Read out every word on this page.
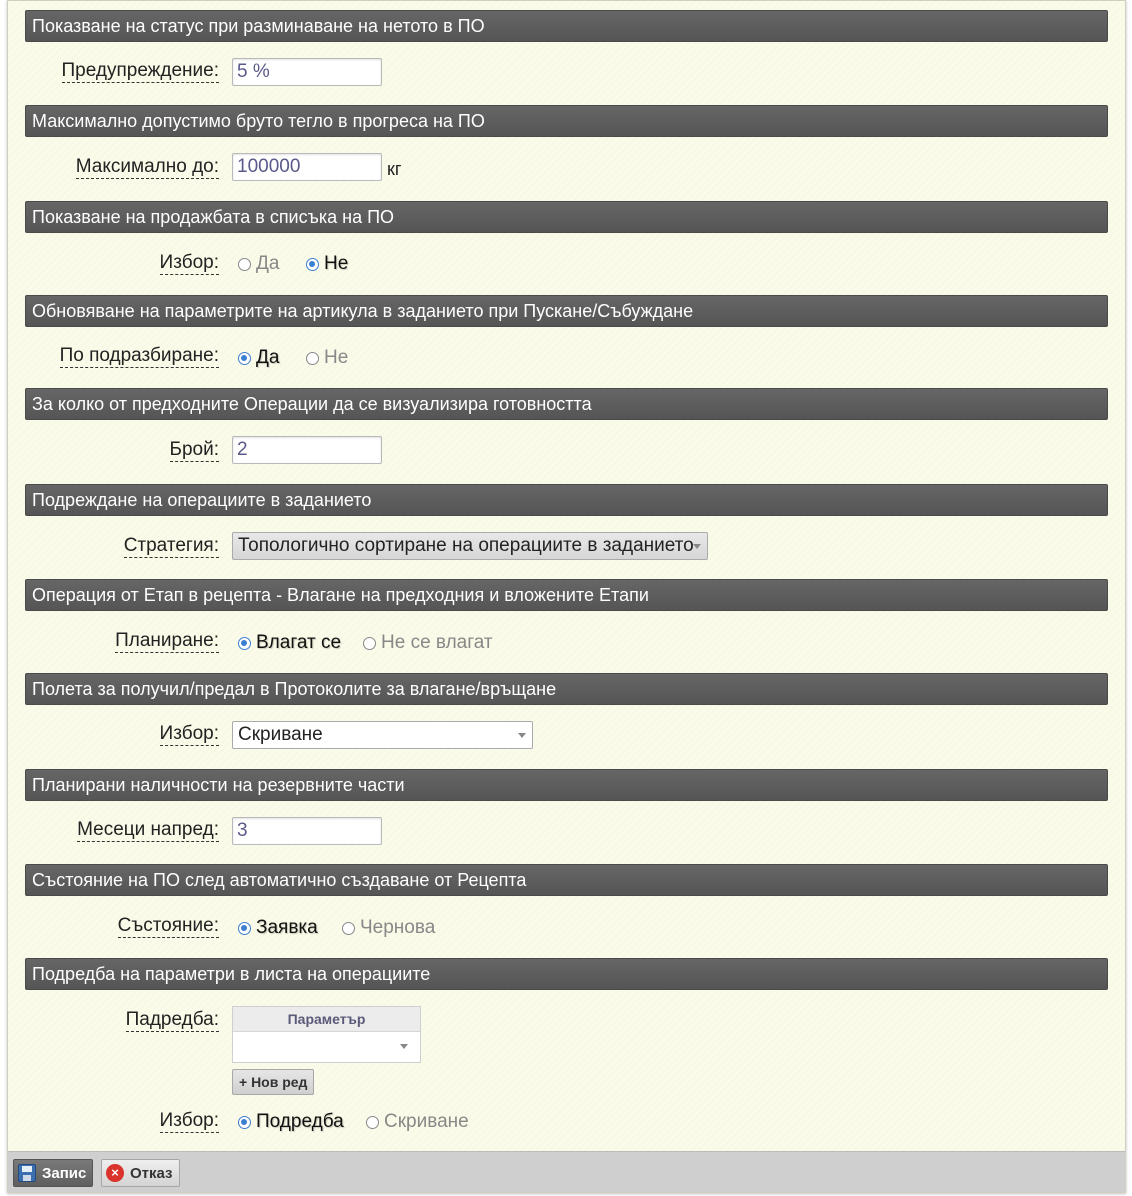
Показване на статус при разминаване на нетото в ПО
Предупреждение: 5 %
Максимално допустимо бруто тегло в прогреса на ПО
Максимално до: 100000	кг
Показване на продажбата в списъка на ПО
Избор: Да Не
Обновяване на параметрите на артикула в заданието при Пускане/Събуждане
По подразбиране: Да Не
За колко от предходните Операции да се визуализира готовността
Брой: 2
Подреждане на операциите в заданието
Стратегия:	Топологично сортиране на операциите в заданието
Операция от Етап в рецепта - Влагане на предходния и вложените Етапи
Планиране: Влагат се Не се влагат
Полета за получил/предал в Протоколите за влагане/връщане
Избор:	Скриване
Планирани наличности на резервните части
Месеци напред: 3
Състояние на ПО след автоматично създаване от Рецепта
Състояние: Заявка Чернова
Подредба на параметри в листа на операциите
Падредба:	Параметър
+ Нов ред
Избор: Подредба Скриване
Запис	× Отказ
